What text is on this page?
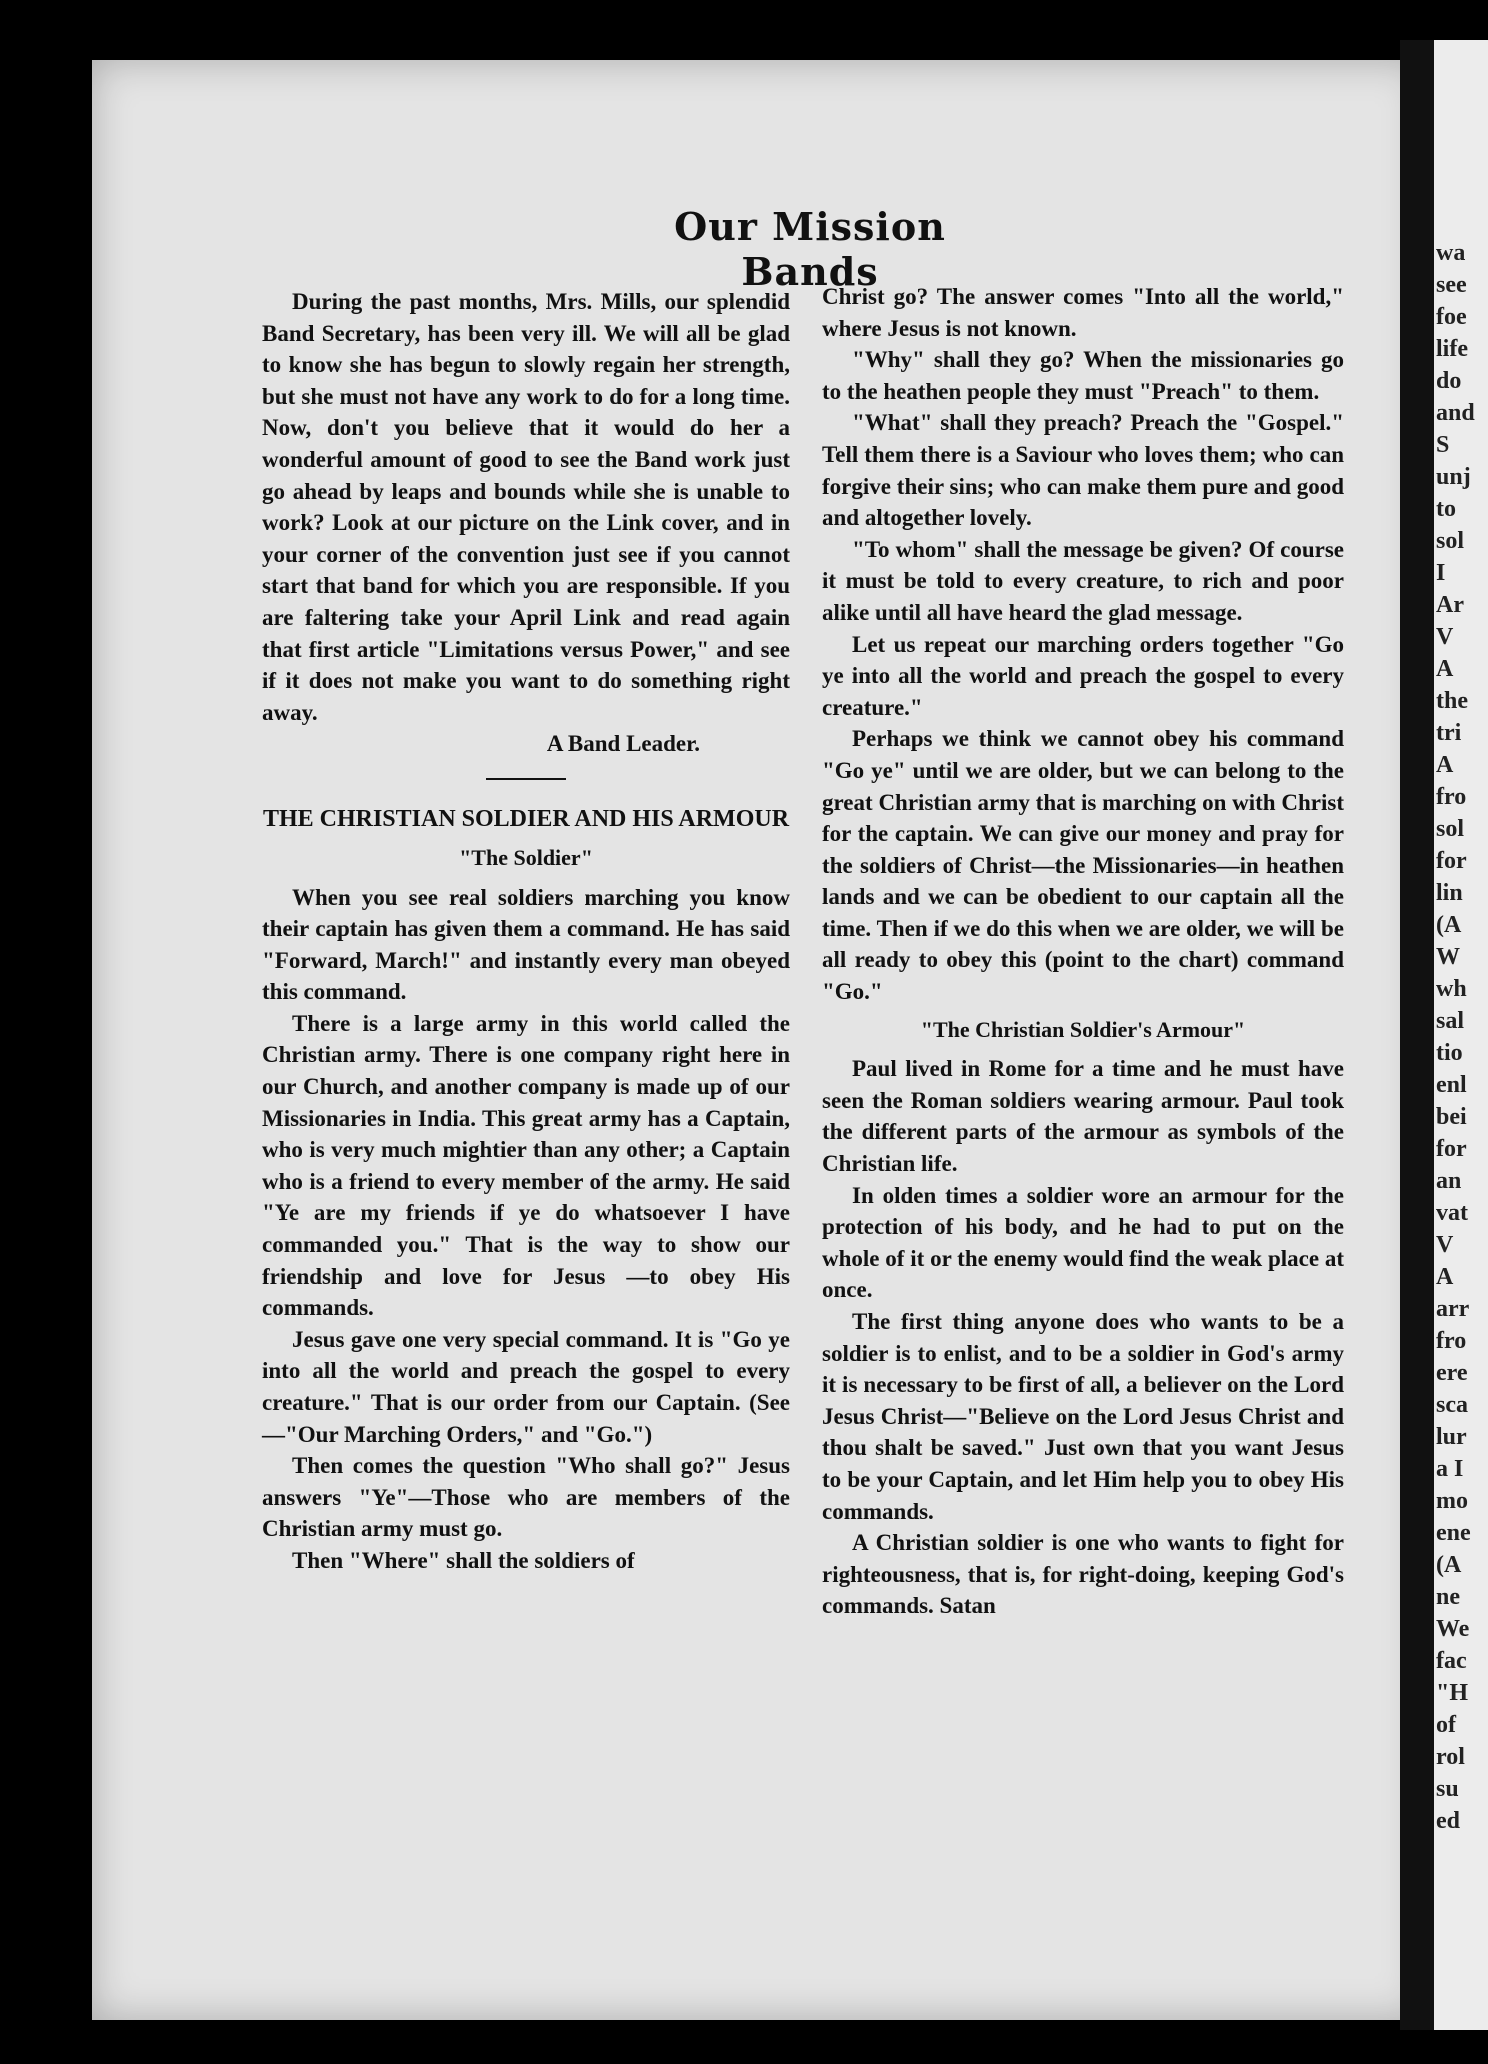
wa
see
foe
life
do
and
S
unj
to
sol
I
Ar
V
A
the
tri
A
fro
sol
for
lin
(A
W
wh
sal
tio
enl
bei
for
an
vat
V
A
arr
fro
ere
sca
lur
a I
mo
ene
(A
ne
We
fac
"H
of
rol
su
ed
Our Mission Bands

During the past months, Mrs. Mills, our splendid Band Secretary, has been very ill. We will all be glad to know she has begun to slowly regain her strength, but she must not have any work to do for a long time. Now, don't you believe that it would do her a wonderful amount of good to see the Band work just go ahead by leaps and bounds while she is unable to work? Look at our picture on the Link cover, and in your corner of the convention just see if you cannot start that band for which you are responsible. If you are faltering take your April Link and read again that first article "Limitations versus Power," and see if it does not make you want to do something right away.

A Band Leader.

THE CHRISTIAN SOLDIER AND HIS ARMOUR
"The Soldier"

When you see real soldiers marching you know their captain has given them a command. He has said "Forward, March!" and instantly every man obeyed this command.

There is a large army in this world called the Christian army. There is one company right here in our Church, and another company is made up of our Missionaries in India. This great army has a Captain, who is very much mightier than any other; a Captain who is a friend to every member of the army. He said "Ye are my friends if ye do whatsoever I have commanded you." That is the way to show our friendship and love for Jesus —to obey His commands.

Jesus gave one very special command. It is "Go ye into all the world and preach the gospel to every creature." That is our order from our Captain. (See—"Our Marching Orders," and "Go.")

Then comes the question "Who shall go?" Jesus answers "Ye"—Those who are members of the Christian army must go.

Then "Where" shall the soldiers of

Christ go? The answer comes "Into all the world," where Jesus is not known.

"Why" shall they go? When the missionaries go to the heathen people they must "Preach" to them.

"What" shall they preach? Preach the "Gospel." Tell them there is a Saviour who loves them; who can forgive their sins; who can make them pure and good and altogether lovely.

"To whom" shall the message be given? Of course it must be told to every creature, to rich and poor alike until all have heard the glad message.

Let us repeat our marching orders together "Go ye into all the world and preach the gospel to every creature."

Perhaps we think we cannot obey his command "Go ye" until we are older, but we can belong to the great Christian army that is marching on with Christ for the captain. We can give our money and pray for the soldiers of Christ—the Missionaries—in heathen lands and we can be obedient to our captain all the time. Then if we do this when we are older, we will be all ready to obey this (point to the chart) command "Go."

"The Christian Soldier's Armour"

Paul lived in Rome for a time and he must have seen the Roman soldiers wearing armour. Paul took the different parts of the armour as symbols of the Christian life.

In olden times a soldier wore an armour for the protection of his body, and he had to put on the whole of it or the enemy would find the weak place at once.

The first thing anyone does who wants to be a soldier is to enlist, and to be a soldier in God's army it is necessary to be first of all, a believer on the Lord Jesus Christ—"Believe on the Lord Jesus Christ and thou shalt be saved." Just own that you want Jesus to be your Captain, and let Him help you to obey His commands.

A Christian soldier is one who wants to fight for righteousness, that is, for right-doing, keeping God's commands. Satan
